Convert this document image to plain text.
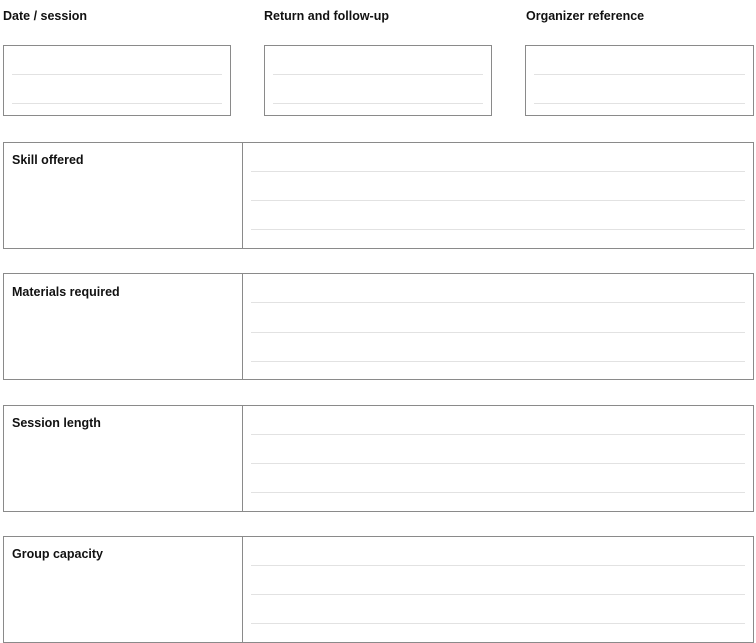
Date / session	Return and follow-up	Organizer reference
Skill offered
Materials required
Session length
Group capacity
